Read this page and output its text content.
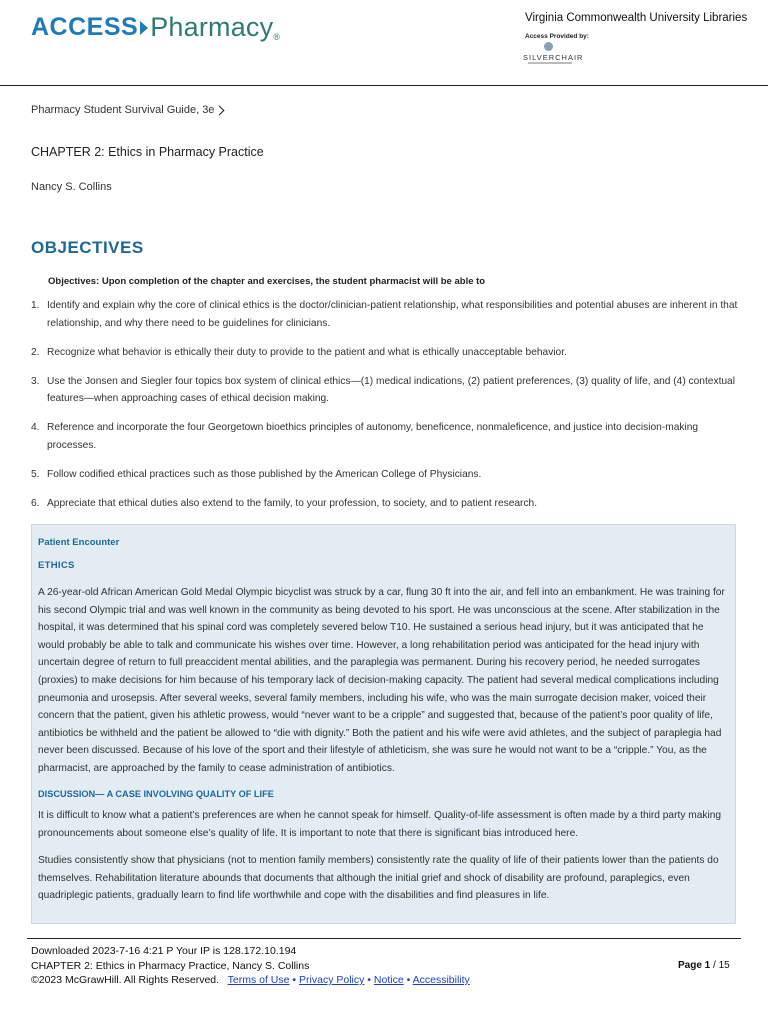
ACCESS Pharmacy ®
Virginia Commonwealth University Libraries
Access Provided by:
SILVERCHAIR
Pharmacy Student Survival Guide, 3e
CHAPTER 2: Ethics in Pharmacy Practice
Nancy S. Collins
OBJECTIVES
Objectives: Upon completion of the chapter and exercises, the student pharmacist will be able to
1. Identify and explain why the core of clinical ethics is the doctor/clinician-patient relationship, what responsibilities and potential abuses are inherent in that relationship, and why there need to be guidelines for clinicians.
2. Recognize what behavior is ethically their duty to provide to the patient and what is ethically unacceptable behavior.
3. Use the Jonsen and Siegler four topics box system of clinical ethics—(1) medical indications, (2) patient preferences, (3) quality of life, and (4) contextual features—when approaching cases of ethical decision making.
4. Reference and incorporate the four Georgetown bioethics principles of autonomy, beneficence, nonmaleficence, and justice into decision-making processes.
5. Follow codified ethical practices such as those published by the American College of Physicians.
6. Appreciate that ethical duties also extend to the family, to your profession, to society, and to patient research.
Patient Encounter
ETHICS

A 26-year-old African American Gold Medal Olympic bicyclist was struck by a car, flung 30 ft into the air, and fell into an embankment. He was training for his second Olympic trial and was well known in the community as being devoted to his sport. He was unconscious at the scene. After stabilization in the hospital, it was determined that his spinal cord was completely severed below T10. He sustained a serious head injury, but it was anticipated that he would probably be able to talk and communicate his wishes over time. However, a long rehabilitation period was anticipated for the head injury with uncertain degree of return to full preaccident mental abilities, and the paraplegia was permanent. During his recovery period, he needed surrogates (proxies) to make decisions for him because of his temporary lack of decision-making capacity. The patient had several medical complications including pneumonia and urosepsis. After several weeks, several family members, including his wife, who was the main surrogate decision maker, voiced their concern that the patient, given his athletic prowess, would “never want to be a cripple” and suggested that, because of the patient’s poor quality of life, antibiotics be withheld and the patient be allowed to “die with dignity.” Both the patient and his wife were avid athletes, and the subject of paraplegia had never been discussed. Because of his love of the sport and their lifestyle of athleticism, she was sure he would not want to be a “cripple.” You, as the pharmacist, are approached by the family to cease administration of antibiotics.

DISCUSSION— A CASE INVOLVING QUALITY OF LIFE

It is difficult to know what a patient’s preferences are when he cannot speak for himself. Quality-of-life assessment is often made by a third party making pronouncements about someone else’s quality of life. It is important to note that there is significant bias introduced here.

Studies consistently show that physicians (not to mention family members) consistently rate the quality of life of their patients lower than the patients do themselves. Rehabilitation literature abounds that documents that although the initial grief and shock of disability are profound, paraplegics, even quadriplegic patients, gradually learn to find life worthwhile and cope with the disabilities and find pleasures in life.

Downloaded 2023-7-16 4:21 P Your IP is 128.172.10.194
CHAPTER 2: Ethics in Pharmacy Practice, Nancy S. Collins
©2023 McGrawHill. All Rights Reserved. Terms of Use • Privacy Policy • Notice • Accessibility
Page 1 / 15
